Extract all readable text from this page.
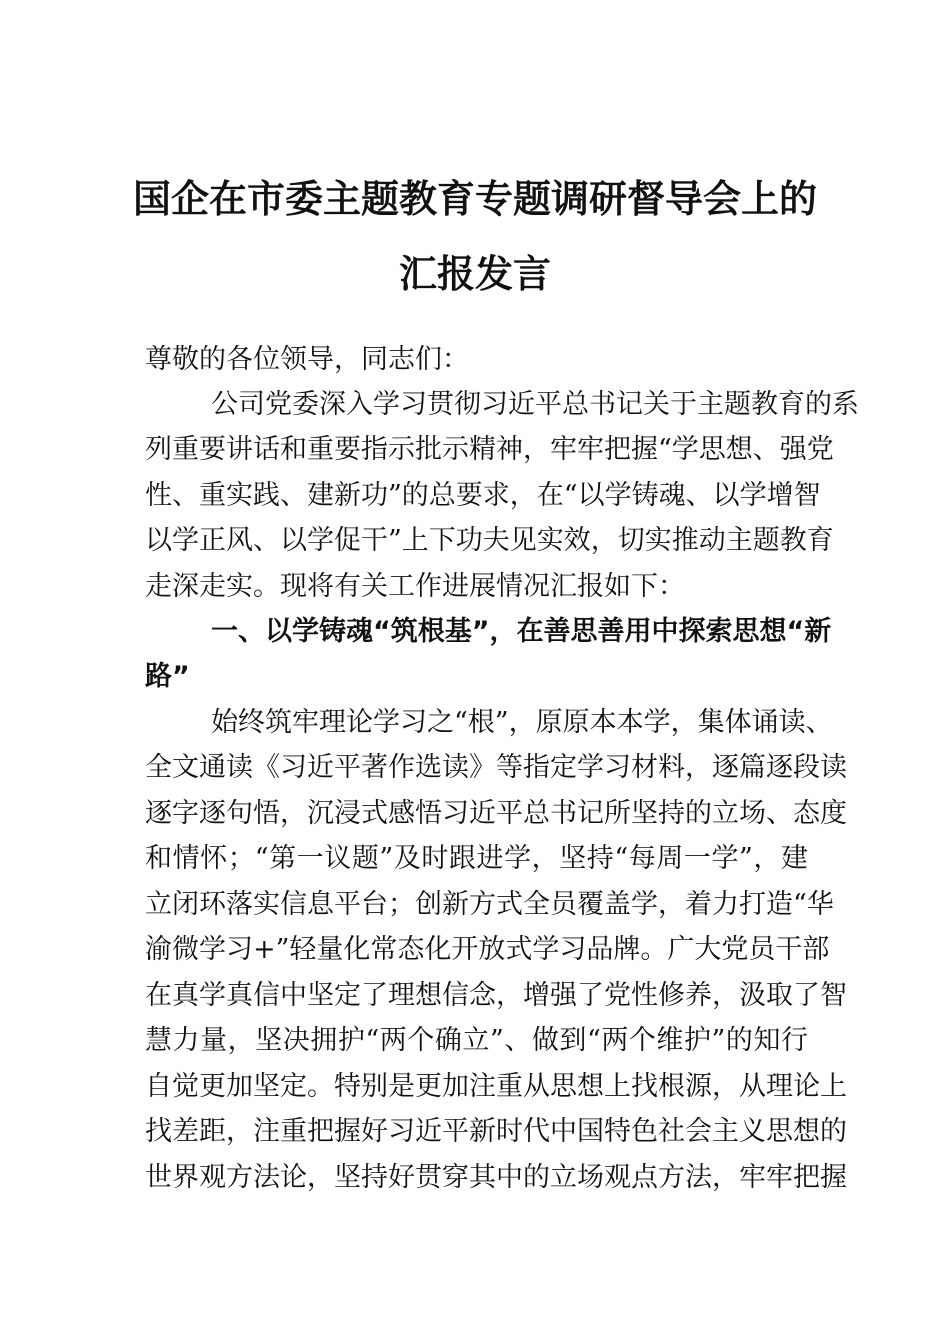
国企在市委主题教育专题调研督导会上的
汇报发言
尊敬的各位领导，同志们：
公司党委深入学习贯彻习近平总书记关于主题教育的系
列重要讲话和重要指示批示精神，牢牢把握“学思想、强党
性、重实践、建新功”的总要求，在“以学铸魂、以学增智
以学正风、以学促干”上下功夫见实效，切实推动主题教育
走深走实。现将有关工作进展情况汇报如下：
一、以学铸魂“筑根基”，在善思善用中探索思想“新
路”
始终筑牢理论学习之“根”，原原本本学，集体诵读、
全文通读《习近平著作选读》等指定学习材料，逐篇逐段读
逐字逐句悟，沉浸式感悟习近平总书记所坚持的立场、态度
和情怀；“第一议题”及时跟进学，坚持“每周一学”，建
立闭环落实信息平台；创新方式全员覆盖学，着力打造“华
渝微学习+”轻量化常态化开放式学习品牌。广大党员干部
在真学真信中坚定了理想信念，增强了党性修养，汲取了智
慧力量，坚决拥护“两个确立”、做到“两个维护”的知行
自觉更加坚定。特别是更加注重从思想上找根源，从理论上
找差距，注重把握好习近平新时代中国特色社会主义思想的
世界观方法论，坚持好贯穿其中的立场观点方法，牢牢把握
